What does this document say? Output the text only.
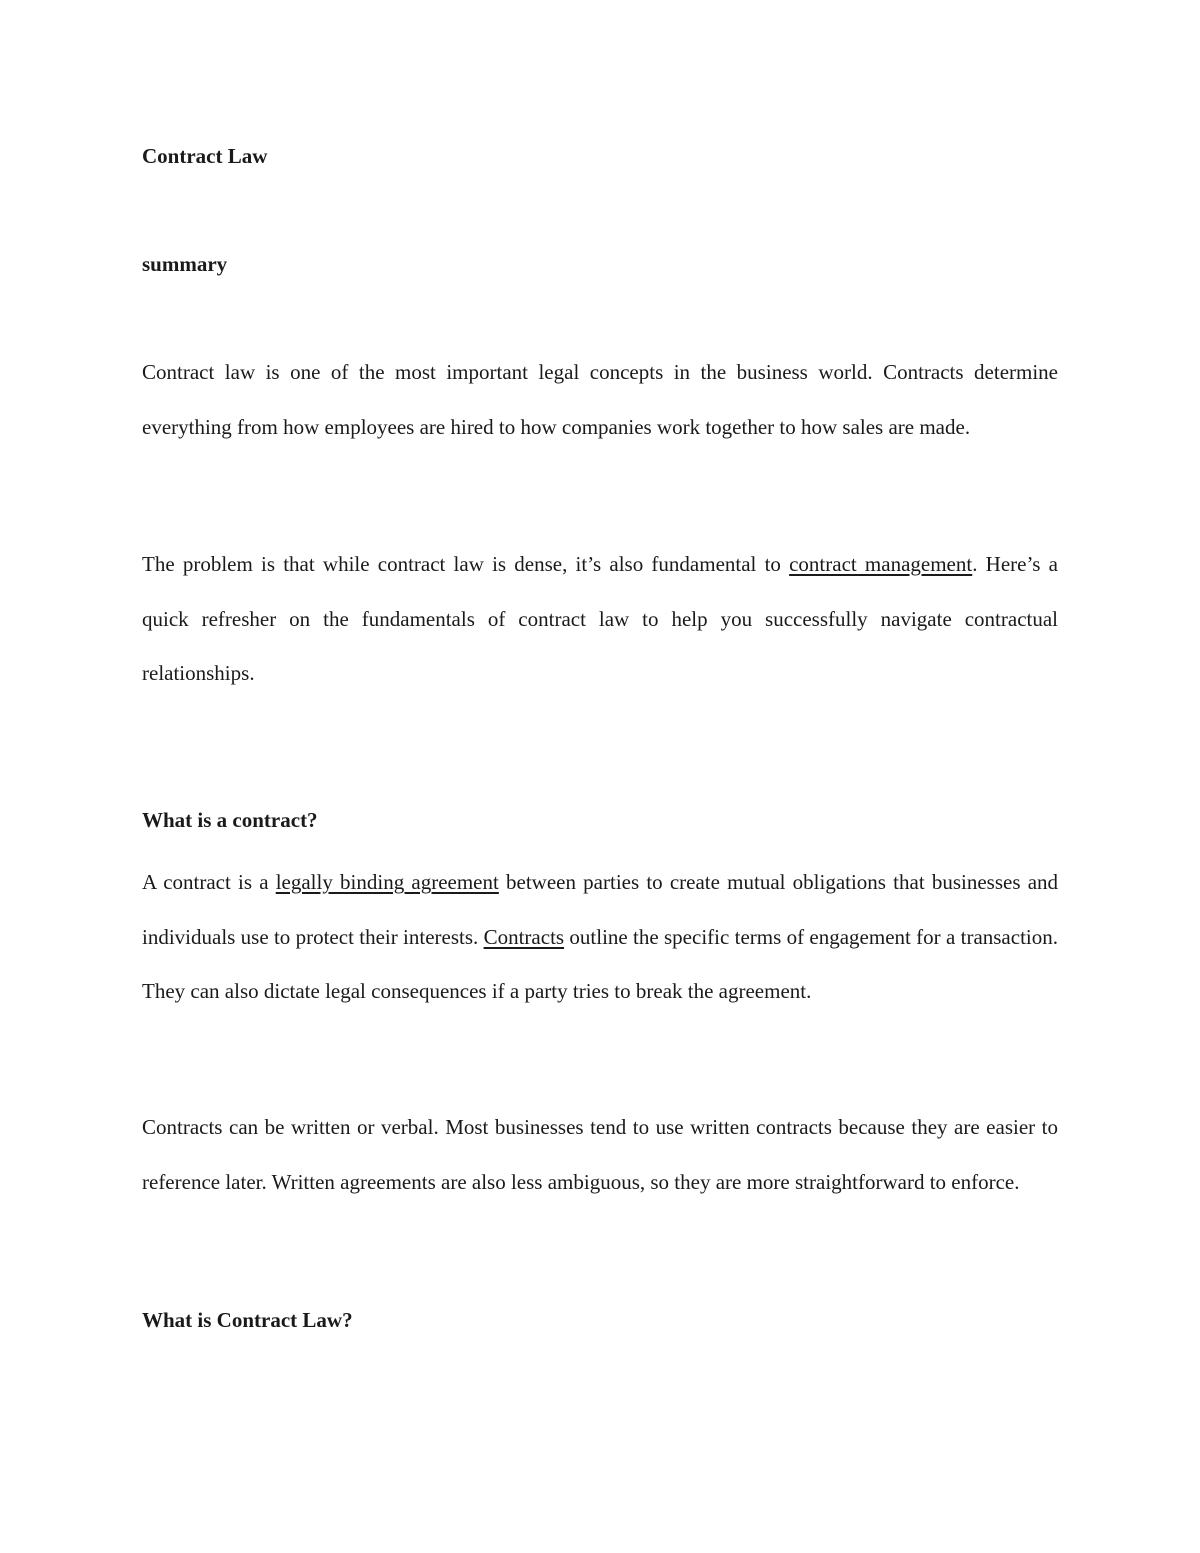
Contract Law
summary

Contract law is one of the most important legal concepts in the business world. Contracts determine everything from how employees are hired to how companies work together to how sales are made.

The problem is that while contract law is dense, it’s also fundamental to contract management. Here’s a quick refresher on the fundamentals of contract law to help you successfully navigate contractual relationships.

What is a contract?

A contract is a legally binding agreement between parties to create mutual obligations that businesses and individuals use to protect their interests. Contracts outline the specific terms of engagement for a transaction. They can also dictate legal consequences if a party tries to break the agreement.

Contracts can be written or verbal. Most businesses tend to use written contracts because they are easier to reference later. Written agreements are also less ambiguous, so they are more straightforward to enforce.

What is Contract Law?
